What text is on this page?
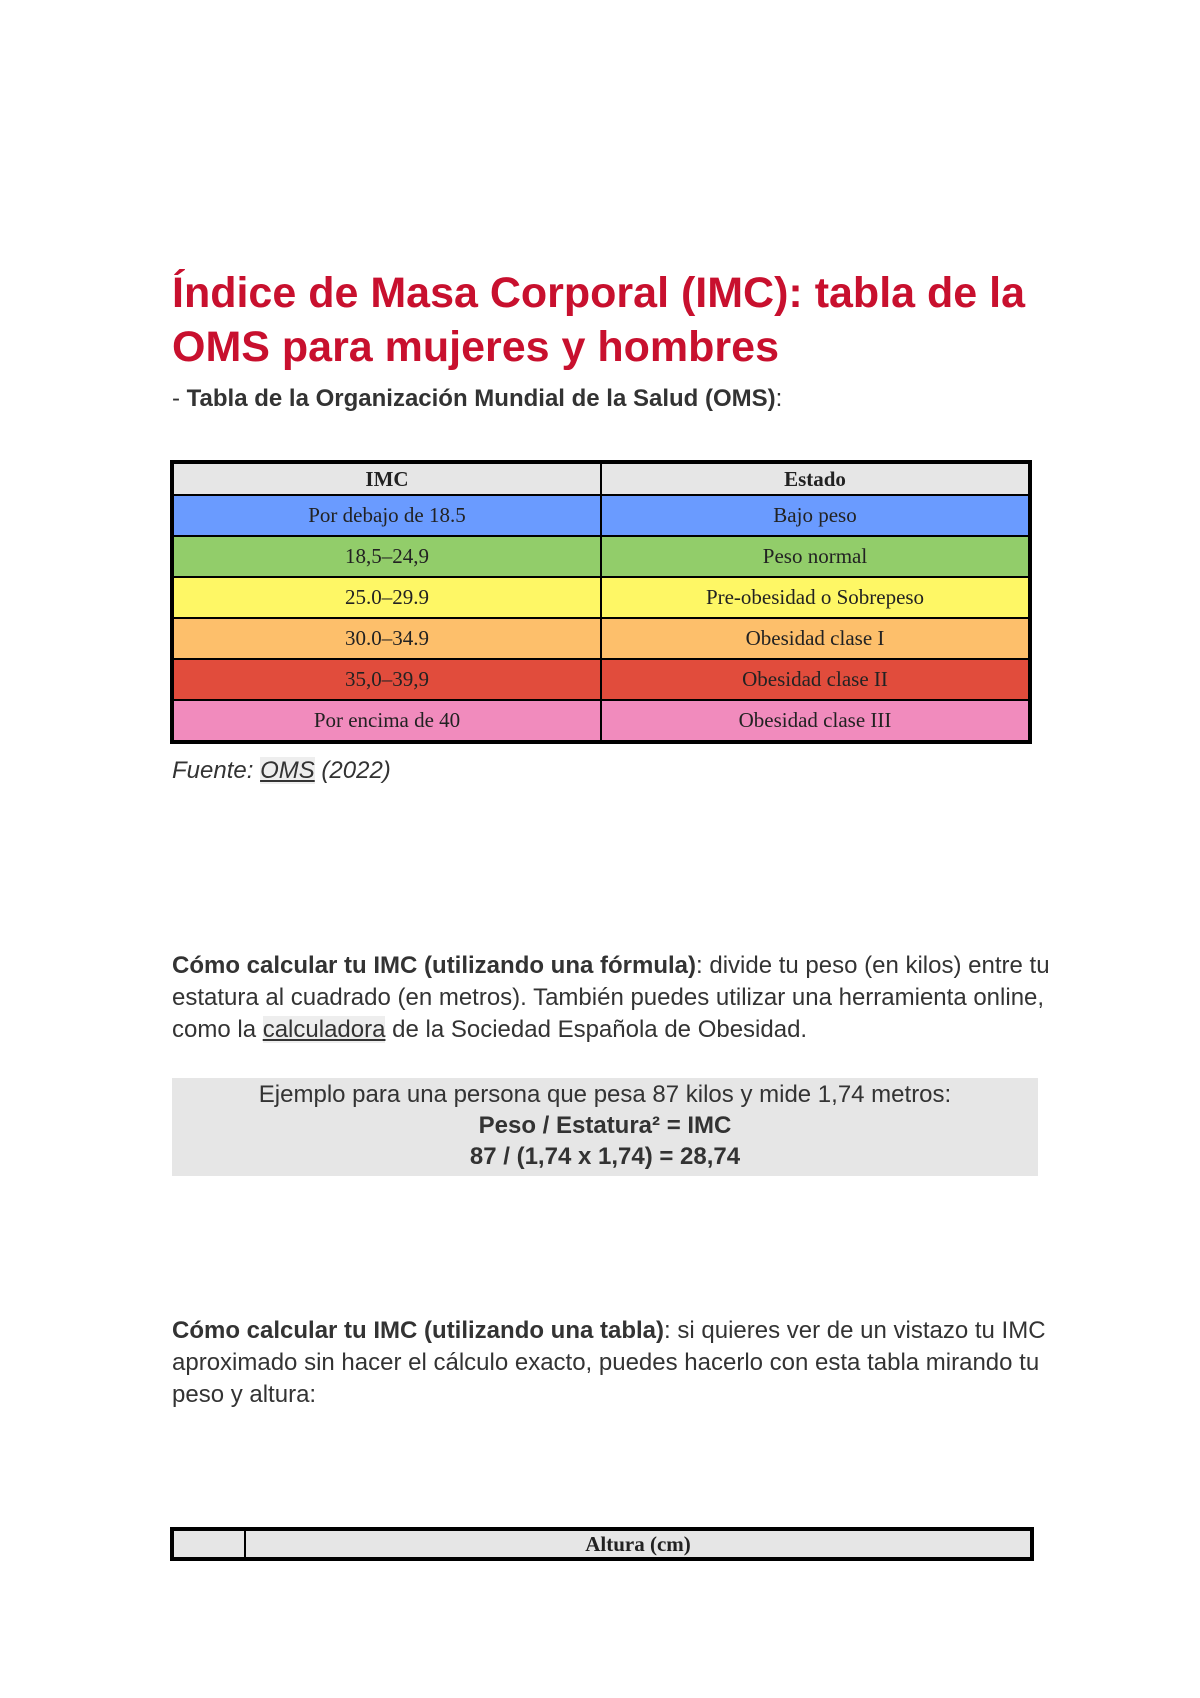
Índice de Masa Corporal (IMC): tabla de la OMS para mujeres y hombres

- Tabla de la Organización Mundial de la Salud (OMS):

IMC	Estado
Por debajo de 18.5	Bajo peso
18,5–24,9	Peso normal
25.0–29.9	Pre-obesidad o Sobrepeso
30.0–34.9	Obesidad clase I
35,0–39,9	Obesidad clase II
Por encima de 40	Obesidad clase III

Fuente: OMS (2022)

Cómo calcular tu IMC (utilizando una fórmula): divide tu peso (en kilos) entre tu estatura al cuadrado (en metros). También puedes utilizar una herramienta online, como la calculadora de la Sociedad Española de Obesidad.

Ejemplo para una persona que pesa 87 kilos y mide 1,74 metros:
Peso / Estatura² = IMC
87 / (1,74 x 1,74) = 28,74

Cómo calcular tu IMC (utilizando una tabla): si quieres ver de un vistazo tu IMC aproximado sin hacer el cálculo exacto, puedes hacerlo con esta tabla mirando tu peso y altura:

	Altura (cm)
